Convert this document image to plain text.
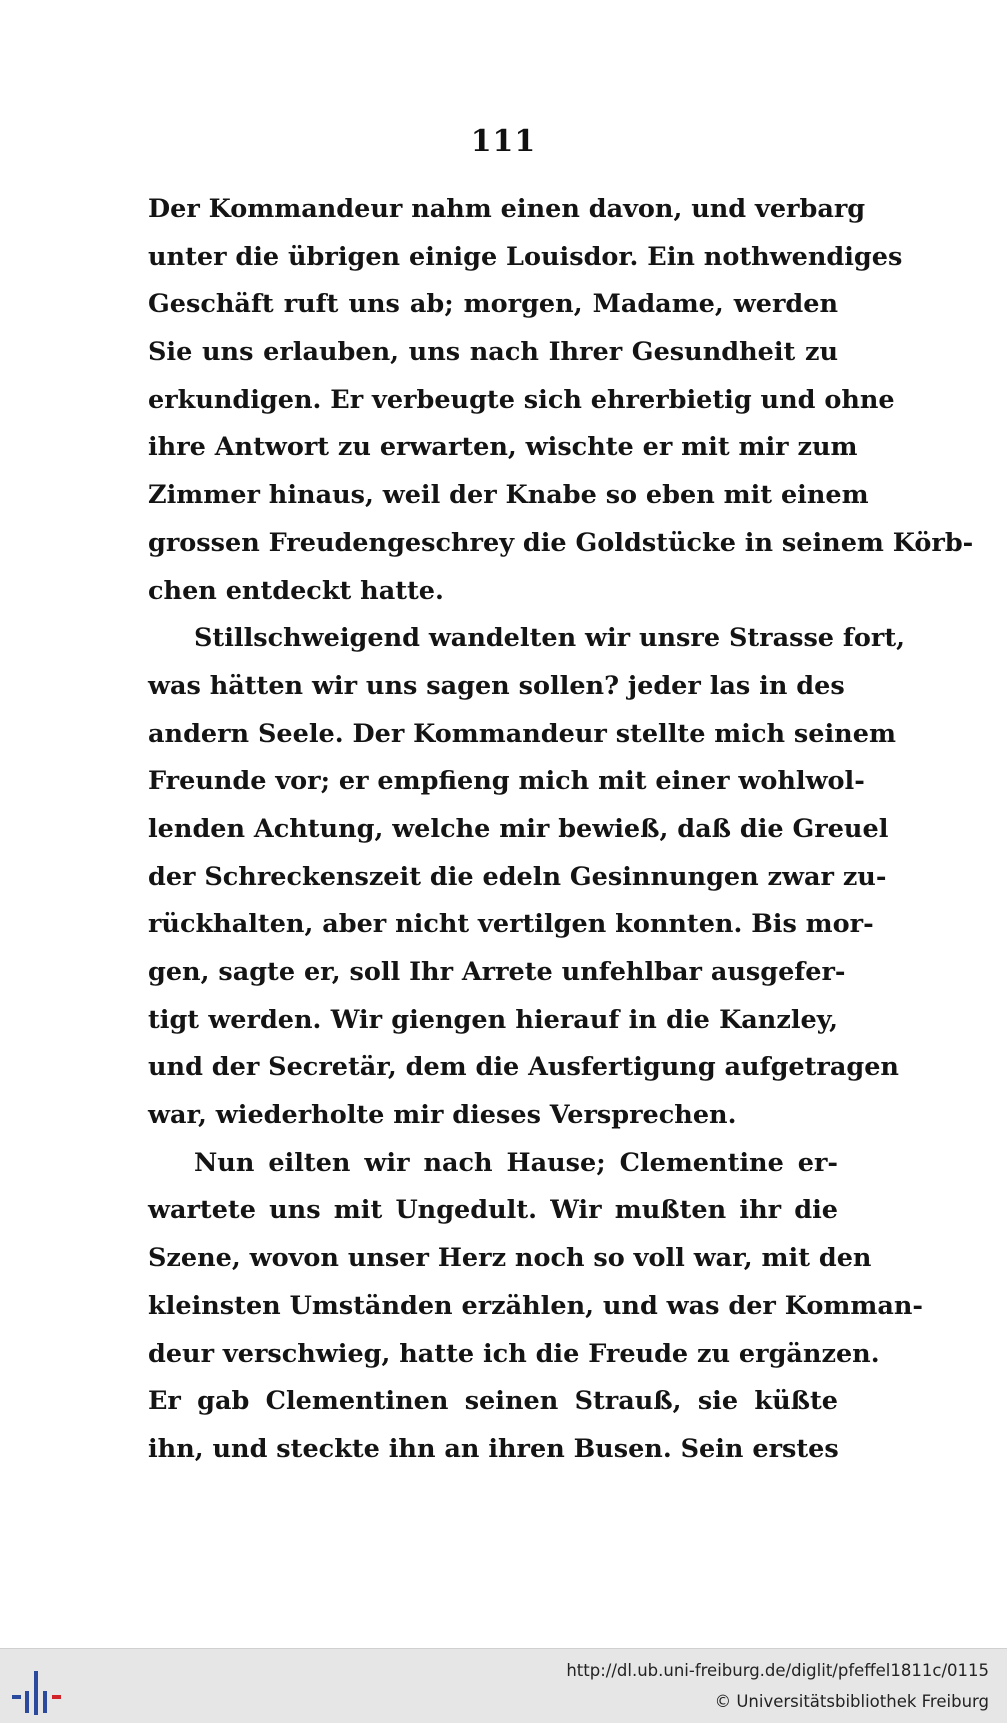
111
Der Kommandeur nahm einen davon, und verbarg
unter die übrigen einige Louisdor. Ein nothwendiges
Geschäft ruft uns ab; morgen, Madame, werden
Sie uns erlauben, uns nach Ihrer Gesundheit zu
erkundigen. Er verbeugte sich ehrerbietig und ohne
ihre Antwort zu erwarten, wischte er mit mir zum
Zimmer hinaus, weil der Knabe so eben mit einem
grossen Freudengeschrey die Goldstücke in seinem Körb-
chen entdeckt hatte.
Stillschweigend wandelten wir unsre Strasse fort,
was hätten wir uns sagen sollen? jeder las in des
andern Seele. Der Kommandeur stellte mich seinem
Freunde vor; er empfieng mich mit einer wohlwol-
lenden Achtung, welche mir bewieß, daß die Greuel
der Schreckenszeit die edeln Gesinnungen zwar zu-
rückhalten, aber nicht vertilgen konnten. Bis mor-
gen, sagte er, soll Ihr Arrete unfehlbar ausgefer-
tigt werden. Wir giengen hierauf in die Kanzley,
und der Secretär, dem die Ausfertigung aufgetragen
war, wiederholte mir dieses Versprechen.
Nun eilten wir nach Hause; Clementine er-
wartete uns mit Ungedult. Wir mußten ihr die
Szene, wovon unser Herz noch so voll war, mit den
kleinsten Umständen erzählen, und was der Komman-
deur verschwieg, hatte ich die Freude zu ergänzen.
Er gab Clementinen seinen Strauß, sie küßte
ihn, und steckte ihn an ihren Busen. Sein erstes
http://dl.ub.uni-freiburg.de/diglit/pfeffel1811c/0115
© Universitätsbibliothek Freiburg
